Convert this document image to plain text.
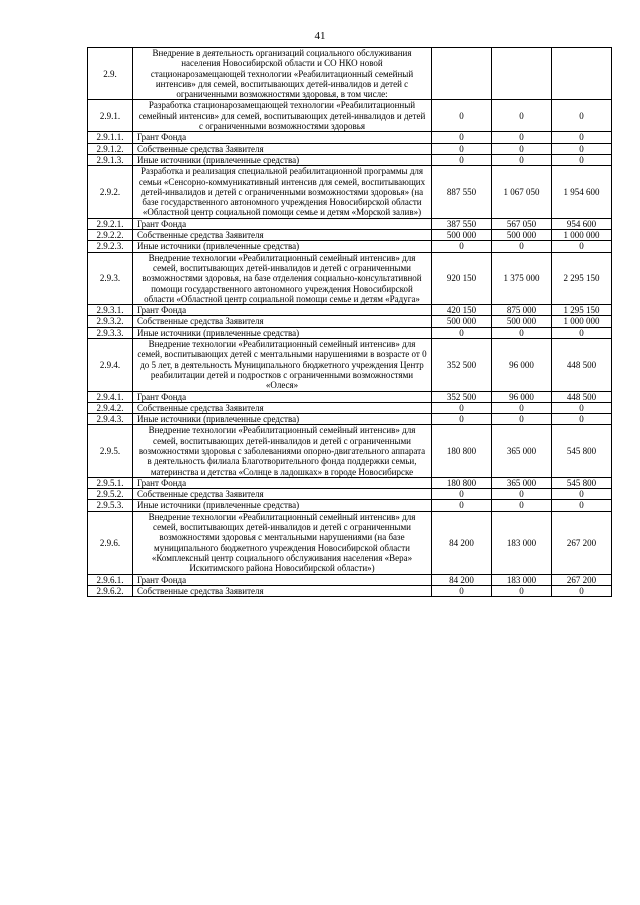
41
2.9.	Внедрение в деятельность организаций социального обслуживания населения Новосибирской области и СО НКО новой стационарозамещающей технологии «Реабилитационный семейный интенсив» для семей, воспитывающих детей-инвалидов и детей с ограниченными возможностями здоровья, в том числе:			
2.9.1.	Разработка стационарозамещающей технологии «Реабилитационный семейный интенсив» для семей, воспитывающих детей-инвалидов и детей с ограниченными возможностями здоровья	0	0	0
2.9.1.1.	Грант Фонда	0	0	0
2.9.1.2.	Собственные средства Заявителя	0	0	0
2.9.1.3.	Иные источники (привлеченные средства)	0	0	0
2.9.2.	Разработка и реализация специальной реабилитационной программы для семьи «Сенсорно-коммуникативный интенсив для семей, воспитывающих детей-инвалидов и детей с ограниченными возможностями здоровья» (на базе государственного автономного учреждения Новосибирской области «Областной центр социальной помощи семье и детям «Морской залив»)	887 550	1 067 050	1 954 600
2.9.2.1.	Грант Фонда	387 550	567 050	954 600
2.9.2.2.	Собственные средства Заявителя	500 000	500 000	1 000 000
2.9.2.3.	Иные источники (привлеченные средства)	0	0	0
2.9.3.	Внедрение технологии «Реабилитационный семейный интенсив» для семей, воспитывающих детей-инвалидов и детей с ограниченными возможностями здоровья, на базе отделения социально-консультативной помощи государственного автономного учреждения Новосибирской области «Областной центр социальной помощи семье и детям «Радуга»	920 150	1 375 000	2 295 150
2.9.3.1.	Грант Фонда	420 150	875 000	1 295 150
2.9.3.2.	Собственные средства Заявителя	500 000	500 000	1 000 000
2.9.3.3.	Иные источники (привлеченные средства)	0	0	0
2.9.4.	Внедрение технологии «Реабилитационный семейный интенсив» для семей, воспитывающих детей с ментальными нарушениями в возрасте от 0 до 5 лет, в деятельность Муниципального бюджетного учреждения Центр реабилитации детей и подростков с ограниченными возможностями «Олеся»	352 500	96 000	448 500
2.9.4.1.	Грант Фонда	352 500	96 000	448 500
2.9.4.2.	Собственные средства Заявителя	0	0	0
2.9.4.3.	Иные источники (привлеченные средства)	0	0	0
2.9.5.	Внедрение технологии «Реабилитационный семейный интенсив» для семей, воспитывающих детей-инвалидов и детей с ограниченными возможностями здоровья с заболеваниями опорно-двигательного аппарата в деятельность филиала Благотворительного фонда поддержки семьи, материнства и детства «Солнце в ладошках» в городе Новосибирске	180 800	365 000	545 800
2.9.5.1.	Грант Фонда	180 800	365 000	545 800
2.9.5.2.	Собственные средства Заявителя	0	0	0
2.9.5.3.	Иные источники (привлеченные средства)	0	0	0
2.9.6.	Внедрение технологии «Реабилитационный семейный интенсив» для семей, воспитывающих детей-инвалидов и детей с ограниченными возможностями здоровья с ментальными нарушениями (на базе муниципального бюджетного учреждения Новосибирской области «Комплексный центр социального обслуживания населения «Вера» Искитимского района Новосибирской области»)	84 200	183 000	267 200
2.9.6.1.	Грант Фонда	84 200	183 000	267 200
2.9.6.2.	Собственные средства Заявителя	0	0	0
